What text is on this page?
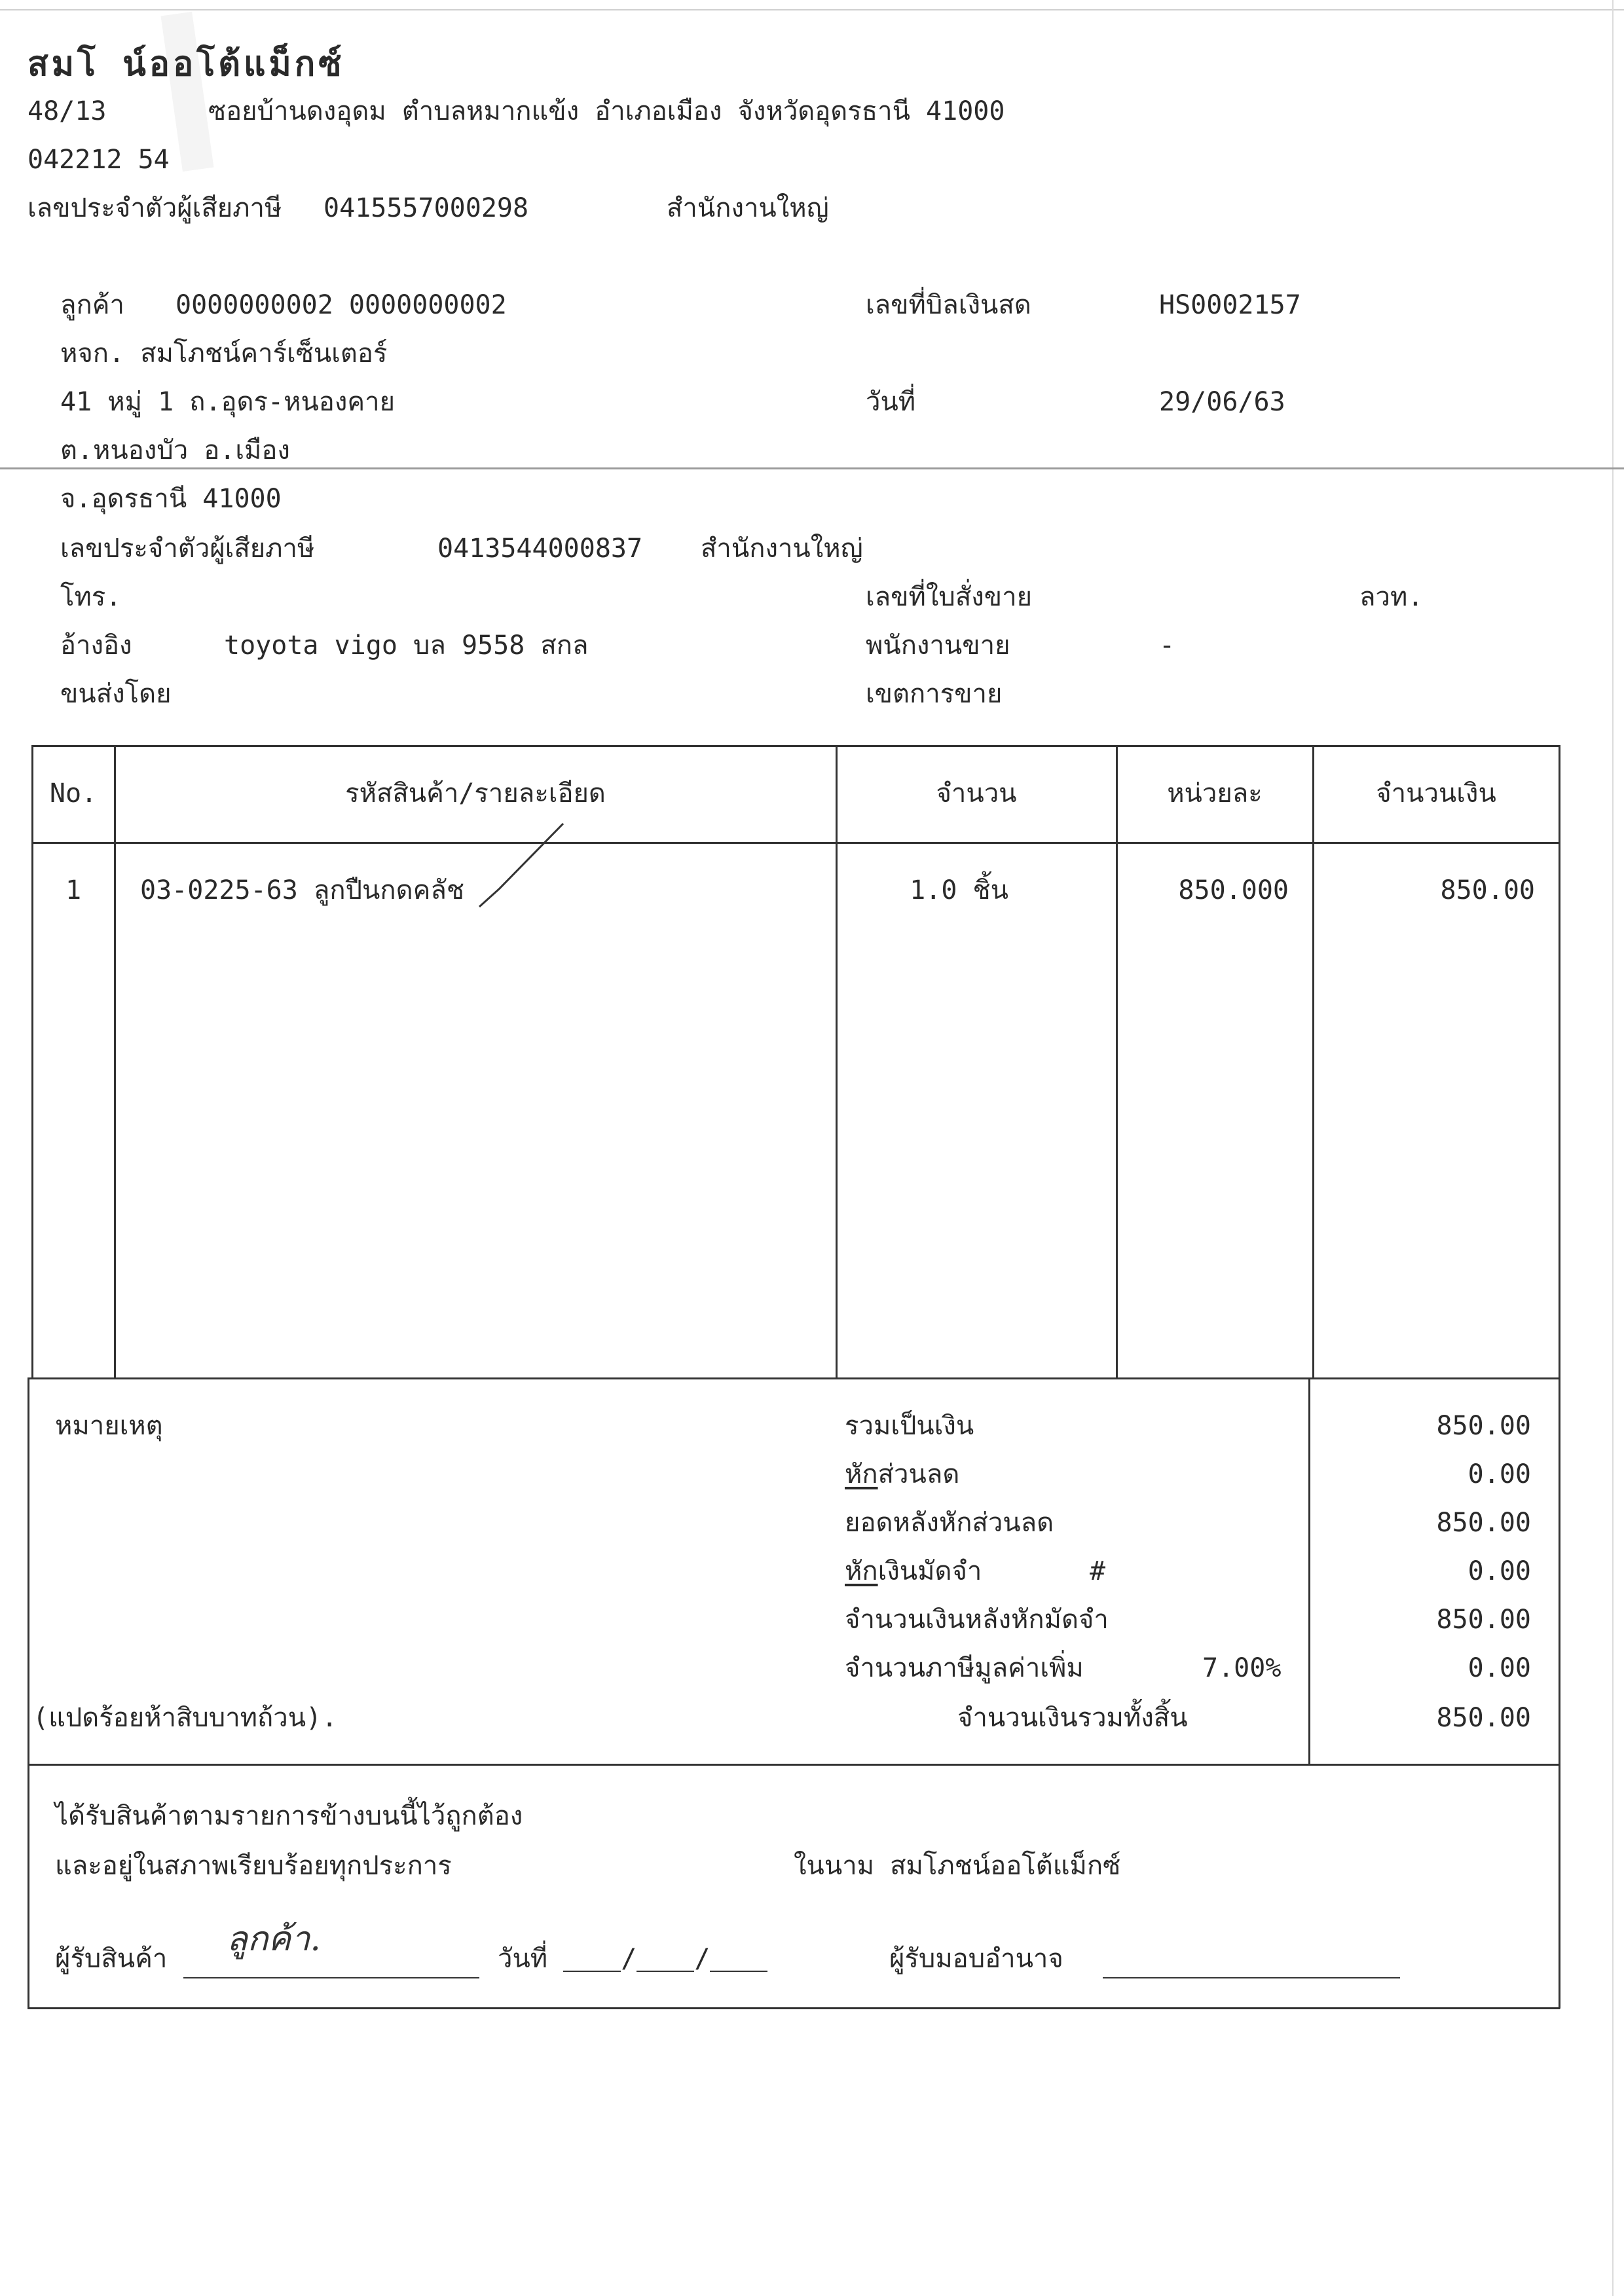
สมโ น์ออโต้แม็กซ์
48/13	ซอยบ้านดงอุดม ตำบลหมากแข้ง อำเภอเมือง จังหวัดอุดรธานี 41000
042212 54
เลขประจำตัวผู้เสียภาษี 0415557000298	สำนักงานใหญ่
ลูกค้า 0000000002 0000000002
หจก. สมโภชน์คาร์เซ็นเตอร์
41 หมู่ 1 ถ.อุดร-หนองคาย
ต.หนองบัว อ.เมือง
จ.อุดรธานี 41000
เลขประจำตัวผู้เสียภาษี	0413544000837 สำนักงานใหญ่
โทร.
อ้างอิง	toyota vigo บล 9558 สกล
ขนส่งโดย
เลขที่บิลเงินสด	HS0002157
วันที่	29/06/63
เลขที่ใบสั่งขาย	ลวท.
พนักงานขาย	-
เขตการขาย
No.	รหัสสินค้า/รายละเอียด	จำนวน	หน่วยละ	จำนวนเงิน
1	03-0225-63 ลูกปืนกดคลัช	1.0 ชิ้น	850.000	850.00
หมายเหตุ	รวมเป็นเงิน	850.00
หักส่วนลด	0.00
ยอดหลังหักส่วนลด	850.00
หักเงินมัดจำ	#	0.00
จำนวนเงินหลังหักมัดจำ	850.00
จำนวนภาษีมูลค่าเพิ่ม	7.00%	0.00
(แปดร้อยห้าสิบบาทถ้วน).	จำนวนเงินรวมทั้งสิ้น	850.00
ได้รับสินค้าตามรายการข้างบนนี้ไว้ถูกต้อง
และอยู่ในสภาพเรียบร้อยทุกประการ	ในนาม สมโภชน์ออโต้แม็กซ์
ผู้รับสินค้า ลูกค้า.	วันที่	/ /	ผู้รับมอบอำนาจ
